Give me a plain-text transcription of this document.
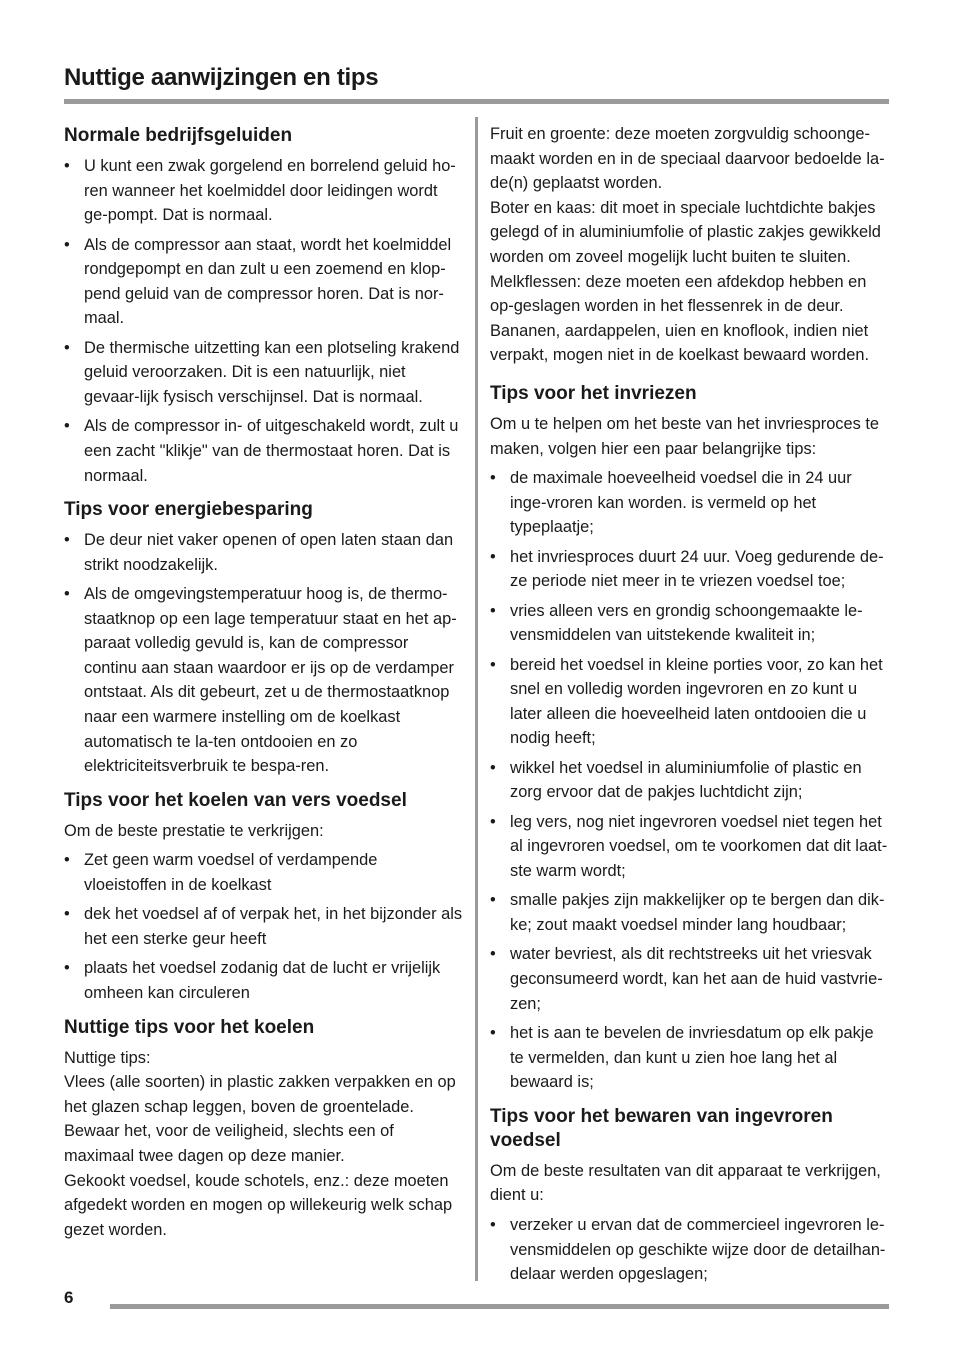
Nuttige aanwijzingen en tips
Normale bedrijfsgeluiden
• U kunt een zwak gorgelend en borrelend geluid ho-ren wanneer het koelmiddel door leidingen wordt ge-pompt. Dat is normaal.
• Als de compressor aan staat, wordt het koelmiddel rondgepompt en dan zult u een zoemend en klop-pend geluid van de compressor horen. Dat is nor-maal.
• De thermische uitzetting kan een plotseling krakend geluid veroorzaken. Dit is een natuurlijk, niet gevaar-lijk fysisch verschijnsel. Dat is normaal.
• Als de compressor in- of uitgeschakeld wordt, zult u een zacht "klikje" van de thermostaat horen. Dat is normaal.
Tips voor energiebesparing
• De deur niet vaker openen of open laten staan dan strikt noodzakelijk.
• Als de omgevingstemperatuur hoog is, de thermo-staatknop op een lage temperatuur staat en het ap-paraat volledig gevuld is, kan de compressor continu aan staan waardoor er ijs op de verdamper ontstaat. Als dit gebeurt, zet u de thermostaatknop naar een warmere instelling om de koelkast automatisch te la-ten ontdooien en zo elektriciteitsverbruik te bespa-ren.
Tips voor het koelen van vers voedsel

Om de beste prestatie te verkrijgen:

• Zet geen warm voedsel of verdampende vloeistoffen in de koelkast
• dek het voedsel af of verpak het, in het bijzonder als het een sterke geur heeft
• plaats het voedsel zodanig dat de lucht er vrijelijk omheen kan circuleren
Nuttige tips voor het koelen

Nuttige tips:

Vlees (alle soorten) in plastic zakken verpakken en op het glazen schap leggen, boven de groentelade.

Bewaar het, voor de veiligheid, slechts een of maximaal twee dagen op deze manier.

Gekookt voedsel, koude schotels, enz.: deze moeten afgedekt worden en mogen op willekeurig welk schap gezet worden.

Fruit en groente: deze moeten zorgvuldig schoonge-maakt worden en in de speciaal daarvoor bedoelde la-de(n) geplaatst worden.

Boter en kaas: dit moet in speciale luchtdichte bakjes gelegd of in aluminiumfolie of plastic zakjes gewikkeld worden om zoveel mogelijk lucht buiten te sluiten.

Melkflessen: deze moeten een afdekdop hebben en op-geslagen worden in het flessenrek in de deur.

Bananen, aardappelen, uien en knoflook, indien niet verpakt, mogen niet in de koelkast bewaard worden.

Tips voor het invriezen

Om u te helpen om het beste van het invriesproces te maken, volgen hier een paar belangrijke tips:

• de maximale hoeveelheid voedsel die in 24 uur inge-vroren kan worden. is vermeld op het typeplaatje;
• het invriesproces duurt 24 uur. Voeg gedurende de-ze periode niet meer in te vriezen voedsel toe;
• vries alleen vers en grondig schoongemaakte le-vensmiddelen van uitstekende kwaliteit in;
• bereid het voedsel in kleine porties voor, zo kan het snel en volledig worden ingevroren en zo kunt u later alleen die hoeveelheid laten ontdooien die u nodig heeft;
• wikkel het voedsel in aluminiumfolie of plastic en zorg ervoor dat de pakjes luchtdicht zijn;
• leg vers, nog niet ingevroren voedsel niet tegen het al ingevroren voedsel, om te voorkomen dat dit laat-ste warm wordt;
• smalle pakjes zijn makkelijker op te bergen dan dik-ke; zout maakt voedsel minder lang houdbaar;
• water bevriest, als dit rechtstreeks uit het vriesvak geconsumeerd wordt, kan het aan de huid vastvrie-zen;
• het is aan te bevelen de invriesdatum op elk pakje te vermelden, dan kunt u zien hoe lang het al bewaard is;
Tips voor het bewaren van ingevroren voedsel

Om de beste resultaten van dit apparaat te verkrijgen, dient u:

• verzeker u ervan dat de commercieel ingevroren le-vensmiddelen op geschikte wijze door de detailhan-delaar werden opgeslagen;
6
